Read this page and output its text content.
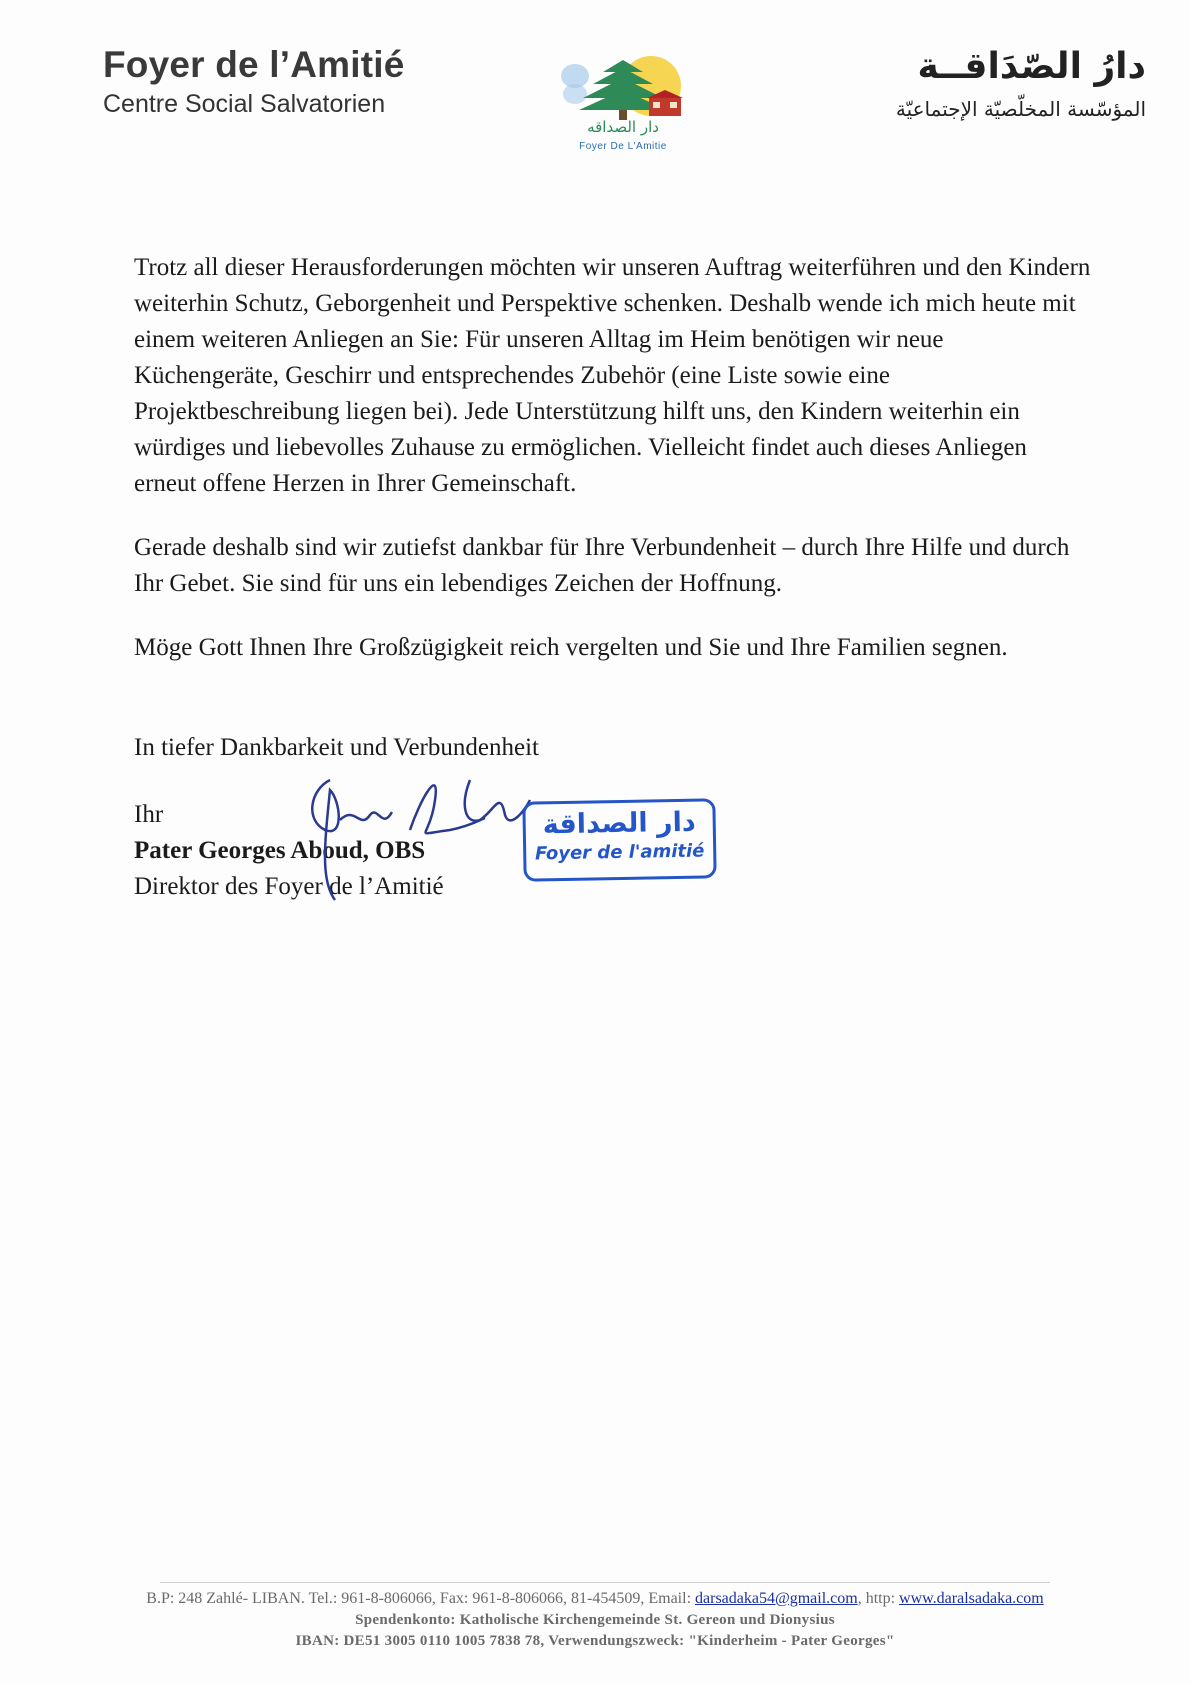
Foyer de l’Amitié
Centre Social Salvatorien
دار الصداقه
Foyer De L'Amitie
دارُ الصّدَاقــة
المؤسّسة المخلّصيّة الإجتماعيّة

Trotz all dieser Herausforderungen möchten wir unseren Auftrag weiterführen und den Kindern weiterhin Schutz, Geborgenheit und Perspektive schenken. Deshalb wende ich mich heute mit einem weiteren Anliegen an Sie: Für unseren Alltag im Heim benötigen wir neue Küchengeräte, Geschirr und entsprechendes Zubehör (eine Liste sowie eine Projektbeschreibung liegen bei). Jede Unterstützung hilft uns, den Kindern weiterhin ein würdiges und liebevolles Zuhause zu ermöglichen. Vielleicht findet auch dieses Anliegen erneut offene Herzen in Ihrer Gemeinschaft.

Gerade deshalb sind wir zutiefst dankbar für Ihre Verbundenheit – durch Ihre Hilfe und durch Ihr Gebet. Sie sind für uns ein lebendiges Zeichen der Hoffnung.

Möge Gott Ihnen Ihre Großzügigkeit reich vergelten und Sie und Ihre Familien segnen.

In tiefer Dankbarkeit und Verbundenheit
Ihr
Pater Georges Aboud, OBS
Direktor des Foyer de l’Amitié
دار الصداقة
Foyer de l'amitié
B.P: 248 Zahlé- LIBAN. Tel.: 961-8-806066, Fax: 961-8-806066, 81-454509, Email: darsadaka54@gmail.com, http: www.daralsadaka.com
Spendenkonto: Katholische Kirchengemeinde St. Gereon und Dionysius
IBAN: DE51 3005 0110 1005 7838 78, Verwendungszweck: "Kinderheim - Pater Georges"
